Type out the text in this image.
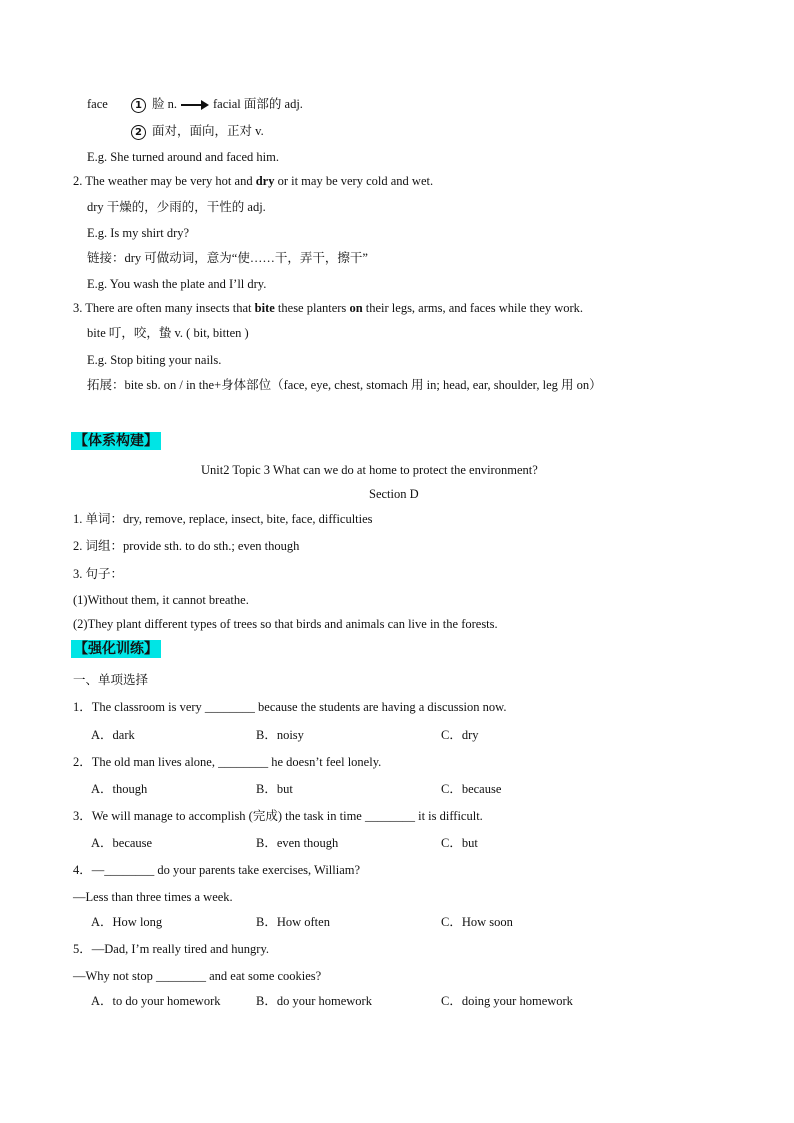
face	1 脸 n.	facial 面部的 adj.
2 面对，面向，正对 v.
E.g. She turned around and faced him.
2. The weather may be very hot and dry or it may be very cold and wet.
dry 干燥的，少雨的，干性的 adj.
E.g. Is my shirt dry?
链接：dry 可做动词，意为“使……干，弄干，擦干”
E.g. You wash the plate and I’ll dry.
3. There are often many insects that bite these planters on their legs, arms, and faces while they work.
bite 叮，咬，蛰 v. ( bit, bitten )
E.g. Stop biting your nails.
拓展：bite sb. on / in the+身体部位（face, eye, chest, stomach 用 in; head, ear, shoulder, leg 用 on）
【体系构建】
Unit2 Topic 3 What can we do at home to protect the environment?
Section D
1. 单词：dry, remove, replace, insect, bite, face, difficulties
2. 词组：provide sth. to do sth.; even though
3. 句子：
(1)Without them, it cannot breathe.
(2)They plant different types of trees so that birds and animals can live in the forests.
【强化训练】
一、单项选择
1．The classroom is very ________ because the students are having a discussion now.
A．dark	B．noisy	C．dry
2．The old man lives alone, ________ he doesn’t feel lonely.
A．though	B．but	C．because
3．We will manage to accomplish (完成) the task in time ________ it is difficult.
A．because	B．even though	C．but
4．—________ do your parents take exercises, William?
—Less than three times a week.
A．How long	B．How often	C．How soon
5．—Dad, I’m really tired and hungry.
—Why not stop ________ and eat some cookies?
A．to do your homework	B．do your homework	C．doing your homework
